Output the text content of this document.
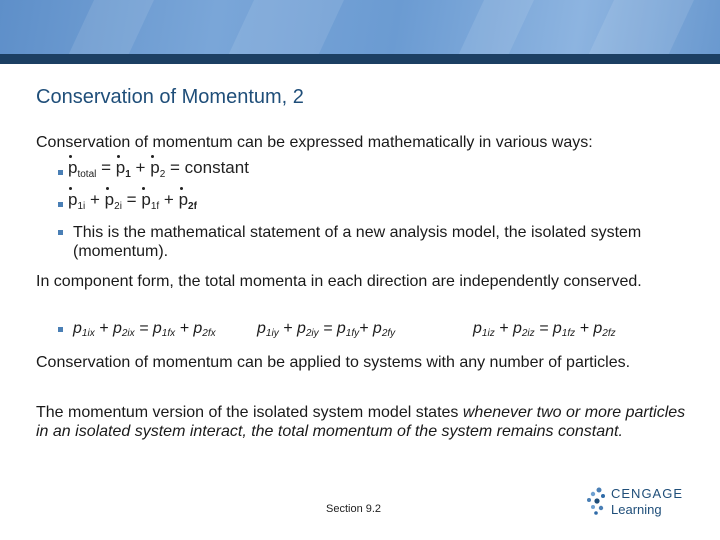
Conservation of Momentum, 2
Conservation of momentum can be expressed mathematically in various ways:
$p_{total} = p_1 + p_2$ = constant
$p_{1i} + p_{2i} = p_{1f} + p_{2f}$
This is the mathematical statement of a new analysis model, the isolated system (momentum).
In component form, the total momenta in each direction are independently conserved.
$p_{1ix} + p_{2ix} = p_{1fx} + p_{2fx}$	$p_{1iy} + p_{2iy} = p_{1fy}+ p_{2fy}$	$p_{1iz} + p_{2iz} = p_{1fz} + p_{2fz}$
Conservation of momentum can be applied to systems with any number of particles.
The momentum version of the isolated system model states whenever two or more particles in an isolated system interact, the total momentum of the system remains constant.
Section 9.2
CENGAGE
Learning
